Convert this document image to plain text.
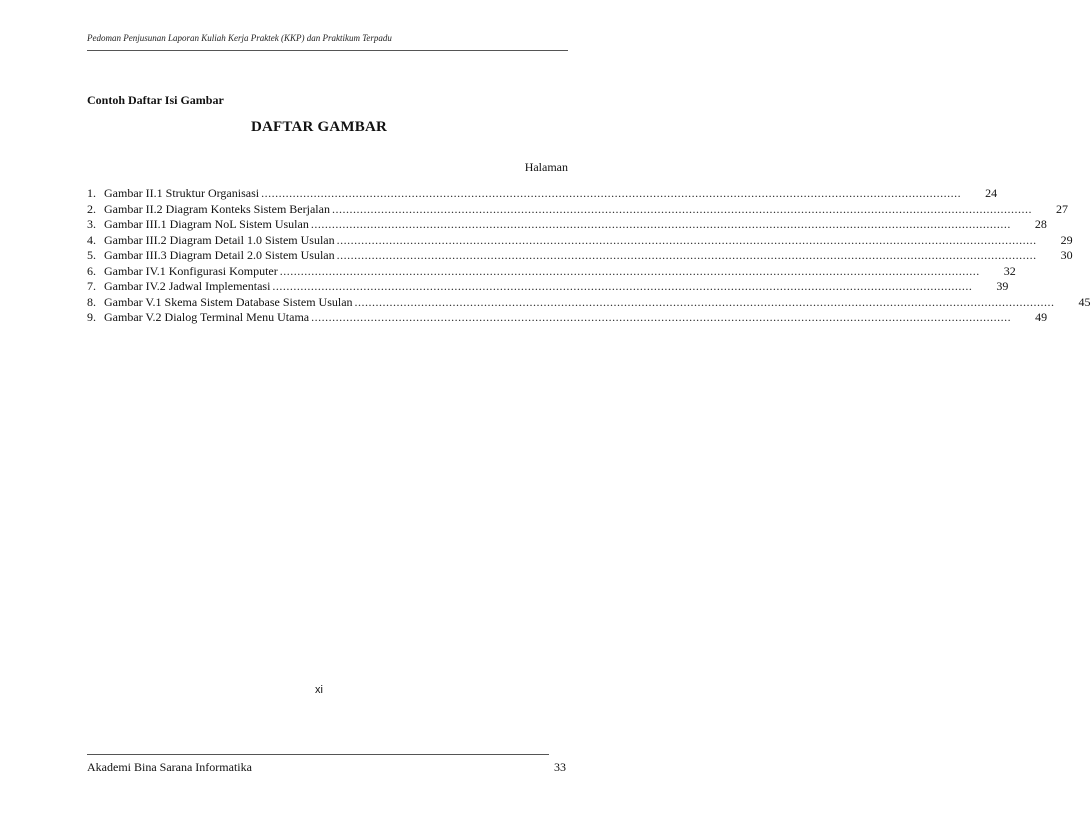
Pedoman Penjusunan Laporan Kuliah Kerja Praktek (KKP) dan Praktikum Terpadu
Contoh Daftar Isi Gambar
DAFTAR GAMBAR
Halaman
1. Gambar II.1 Struktur Organisasi ........................................................................................................................................................................................................	24
2. Gambar II.2 Diagram Konteks Sistem Berjalan ........................................................................................................................................................................................................	27
3. Gambar III.1 Diagram NoL Sistem Usulan ........................................................................................................................................................................................................	28
4. Gambar III.2 Diagram Detail 1.0 Sistem Usulan ........................................................................................................................................................................................................	29
5. Gambar III.3 Diagram Detail 2.0 Sistem Usulan ........................................................................................................................................................................................................	30
6. Gambar IV.1 Konfigurasi Komputer ........................................................................................................................................................................................................	32
7. Gambar IV.2 Jadwal Implementasi ........................................................................................................................................................................................................	39
8. Gambar V.1 Skema Sistem Database Sistem Usulan ........................................................................................................................................................................................................	45
9. Gambar V.2 Dialog Terminal Menu Utama ........................................................................................................................................................................................................	49
xi
Akademi Bina Sarana Informatika	33
